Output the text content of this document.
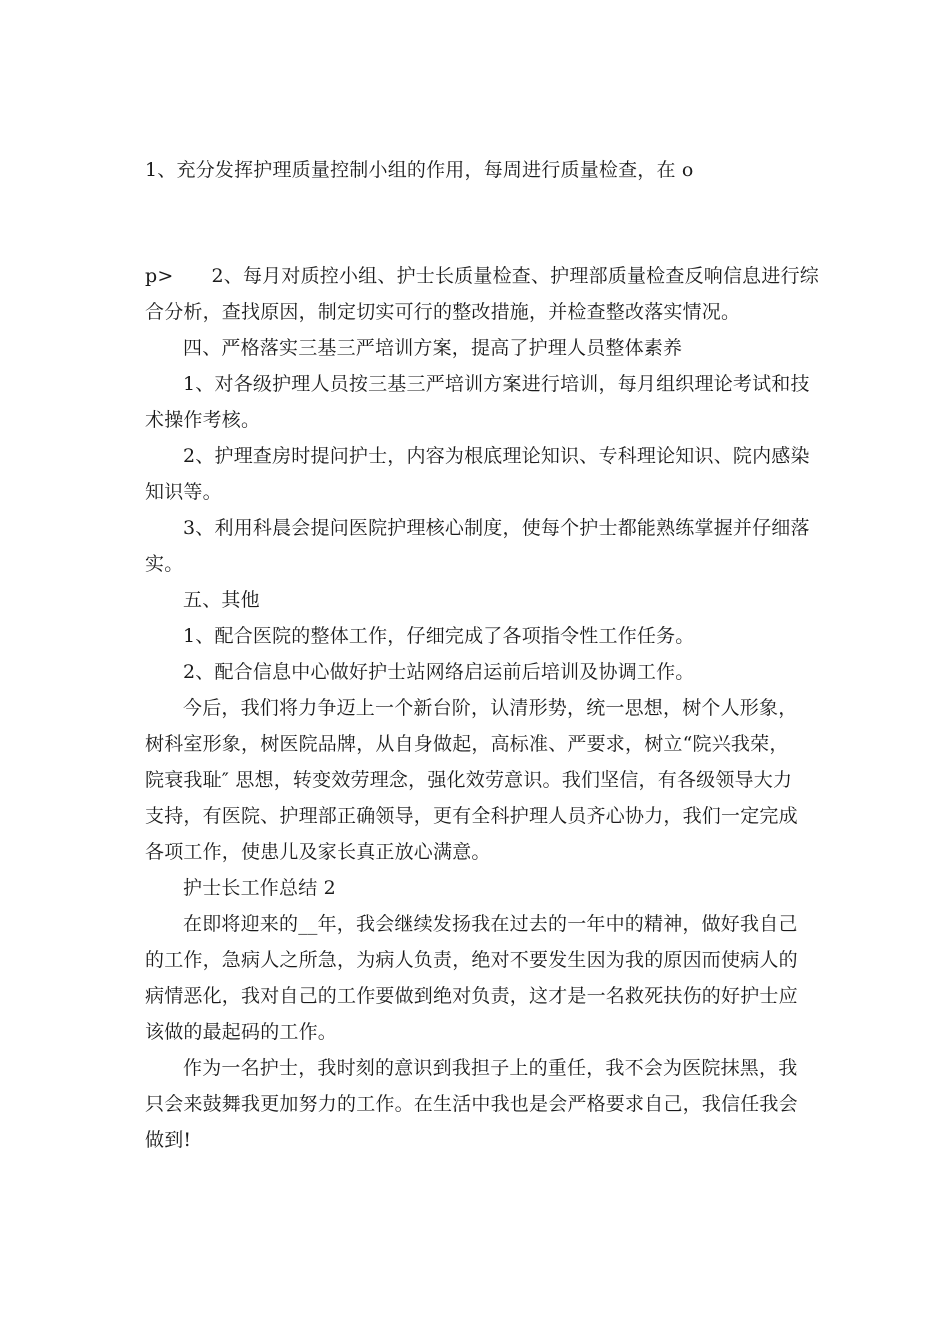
1、充分发挥护理质量控制小组的作用，每周进行质量检查，在 o
p> 2、每月对质控小组、护士长质量检查、护理部质量检查反响信息进行综
合分析，查找原因，制定切实可行的整改措施，并检查整改落实情况。
四、严格落实三基三严培训方案，提高了护理人员整体素养
1、对各级护理人员按三基三严培训方案进行培训，每月组织理论考试和技
术操作考核。
2、护理查房时提问护士，内容为根底理论知识、专科理论知识、院内感染
知识等。
3、利用科晨会提问医院护理核心制度，使每个护士都能熟练掌握并仔细落
实。
五、其他
1、配合医院的整体工作，仔细完成了各项指令性工作任务。
2、配合信息中心做好护士站网络启运前后培训及协调工作。
今后，我们将力争迈上一个新台阶，认清形势，统一思想，树个人形象，
树科室形象，树医院品牌，从自身做起，高标准、严要求，树立“院兴我荣，
院衰我耻″ 思想，转变效劳理念，强化效劳意识。我们坚信，有各级领导大力
支持，有医院、护理部正确领导，更有全科护理人员齐心协力，我们一定完成
各项工作，使患儿及家长真正放心满意。
护士长工作总结 2
在即将迎来的__年，我会继续发扬我在过去的一年中的精神，做好我自己
的工作，急病人之所急，为病人负责，绝对不要发生因为我的原因而使病人的
病情恶化，我对自己的工作要做到绝对负责，这才是一名救死扶伤的好护士应
该做的最起码的工作。
作为一名护士，我时刻的意识到我担子上的重任，我不会为医院抹黑，我
只会来鼓舞我更加努力的工作。在生活中我也是会严格要求自己，我信任我会
做到!
